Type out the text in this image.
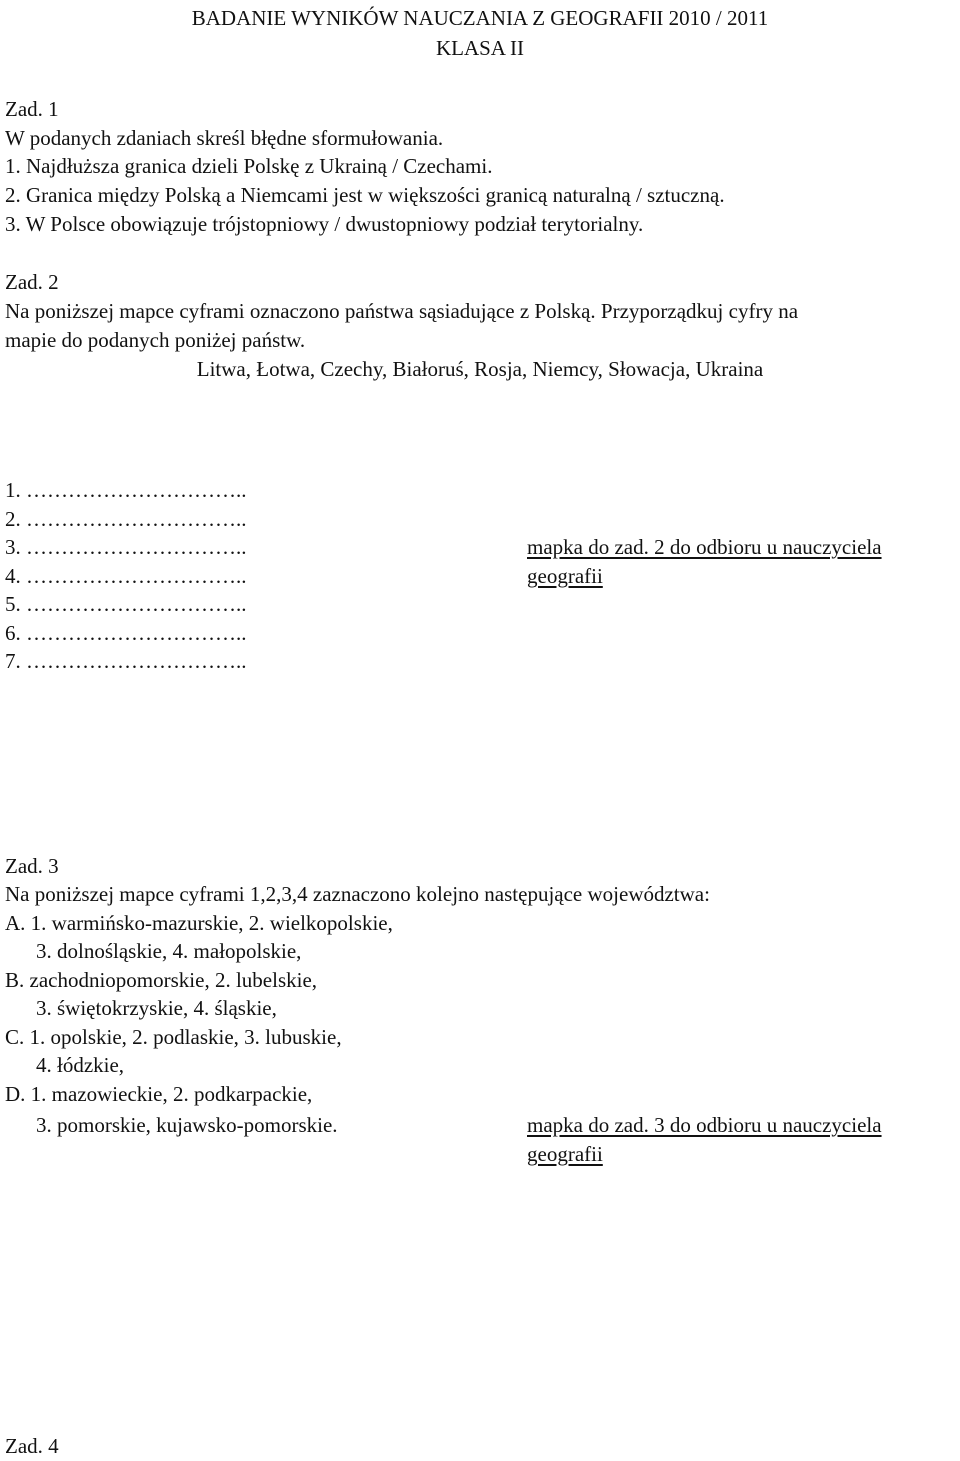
BADANIE WYNIKÓW NAUCZANIA Z GEOGRAFII 2010 / 2011
KLASA II
Zad. 1
W podanych zdaniach skreśl błędne sformułowania.
1. Najdłuższa granica dzieli Polskę z Ukrainą / Czechami.
2. Granica między Polską a Niemcami jest w większości granicą naturalną / sztuczną.
3. W Polsce obowiązuje trójstopniowy / dwustopniowy podział terytorialny.
Zad. 2
Na poniższej mapce cyframi oznaczono państwa sąsiadujące z Polską. Przyporządkuj cyfry na
mapie do podanych poniżej państw.
Litwa, Łotwa, Czechy, Białoruś, Rosja, Niemcy, Słowacja, Ukraina
1. …………………………..
2. …………………………..
3. …………………………..
4. …………………………..
5. …………………………..
6. …………………………..
7. …………………………..
mapka do zad. 2 do odbioru u nauczyciela
geografii
Zad. 3
Na poniższej mapce cyframi 1,2,3,4 zaznaczono kolejno następujące województwa:
A. 1. warmińsko-mazurskie, 2. wielkopolskie,
3. dolnośląskie, 4. małopolskie,
B. zachodniopomorskie, 2. lubelskie,
3. świętokrzyskie, 4. śląskie,
C. 1. opolskie, 2. podlaskie, 3. lubuskie,
4. łódzkie,
D. 1. mazowieckie, 2. podkarpackie,
3. pomorskie, kujawsko-pomorskie.	mapka do zad. 3 do odbioru u nauczyciela
geografii
Zad. 4
